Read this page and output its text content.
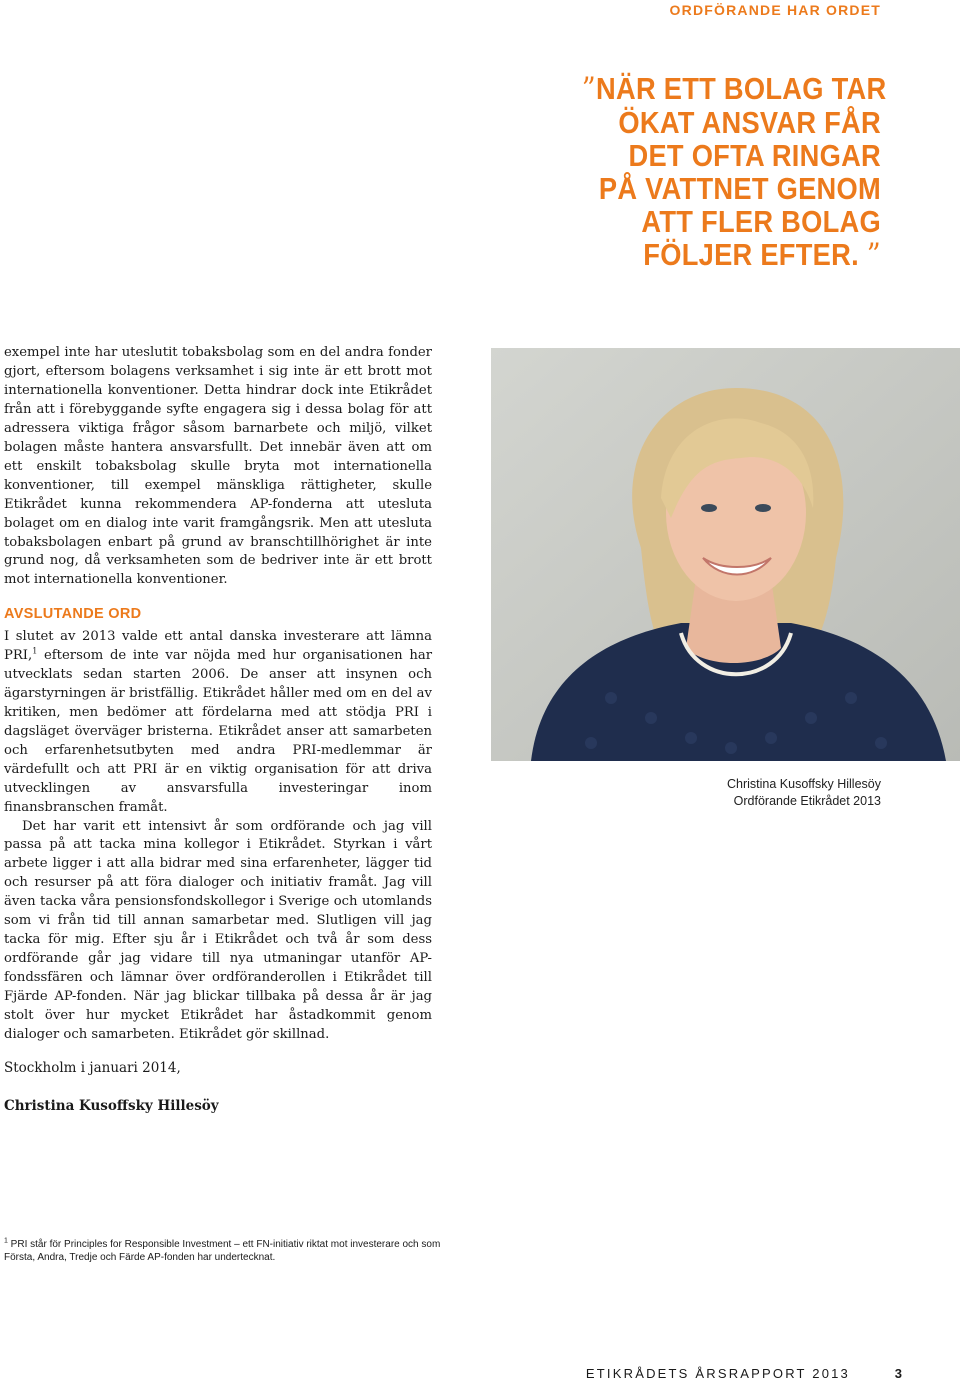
ORDFÖRANDE HAR ORDET
”NÄR ETT BOLAG TAR
ÖKAT ANSVAR FÅR
DET OFTA RINGAR
PÅ VATTNET GENOM
ATT FLER BOLAG
FÖLJER EFTER. ”

exempel inte har uteslutit tobaksbolag som en del andra fonder gjort, eftersom bolagens verksamhet i sig inte är ett brott mot internationella konventioner. Detta hindrar dock inte Etikrådet från att i förebyggande syfte engagera sig i dessa bolag för att adressera viktiga frågor såsom barnarbete och miljö, vilket bolagen måste hantera ansvarsfullt. Det innebär även att om ett enskilt tobaksbolag skulle bryta mot internationella konventioner, till exempel mänskliga rättigheter, skulle Etikrådet kunna rekommendera AP-fonderna att utesluta bolaget om en dialog inte varit framgångsrik. Men att utesluta tobaksbolagen enbart på grund av branschtillhörighet är inte grund nog, då verksamheten som de bedriver inte är ett brott mot internationella konventioner.

AVSLUTANDE ORD

I slutet av 2013 valde ett antal danska investerare att lämna PRI,$^1$ eftersom de inte var nöjda med hur organisationen har utvecklats sedan starten 2006. De anser att insynen och ägarstyrningen är bristfällig. Etikrådet håller med om en del av kritiken, men bedömer att fördelarna med att stödja PRI i dagsläget överväger bristerna. Etikrådet anser att samarbeten och erfarenhetsutbyten med andra PRI-medlemmar är värdefullt och att PRI är en viktig organisation för att driva utvecklingen av ansvarsfulla investeringar inom finansbranschen framåt.

Det har varit ett intensivt år som ordförande och jag vill passa på att tacka mina kollegor i Etikrådet. Styrkan i vårt arbete ligger i att alla bidrar med sina erfarenheter, lägger tid och resurser på att föra dialoger och initiativ framåt. Jag vill även tacka våra pensionsfondskollegor i Sverige och utomlands som vi från tid till annan samarbetar med. Slutligen vill jag tacka för mig. Efter sju år i Etikrådet och två år som dess ordförande går jag vidare till nya utmaningar utanför AP-fondssfären och lämnar över ordföranderollen i Etikrådet till Fjärde AP-fonden. När jag blickar tillbaka på dessa år är jag stolt över hur mycket Etikrådet har åstadkommit genom dialoger och samarbeten. Etikrådet gör skillnad.

Christina Kusoffsky Hillesöy
Ordförande Etikrådet 2013
Stockholm i januari 2014,
Christina Kusoffsky Hillesöy
$^1$ PRI står för Principles for Responsible Investment – ett FN-initiativ riktat mot investerare och som Första, Andra, Tredje och Färde AP-fonden har undertecknat.
ETIKRÅDETS ÅRSRAPPORT 2013	3
